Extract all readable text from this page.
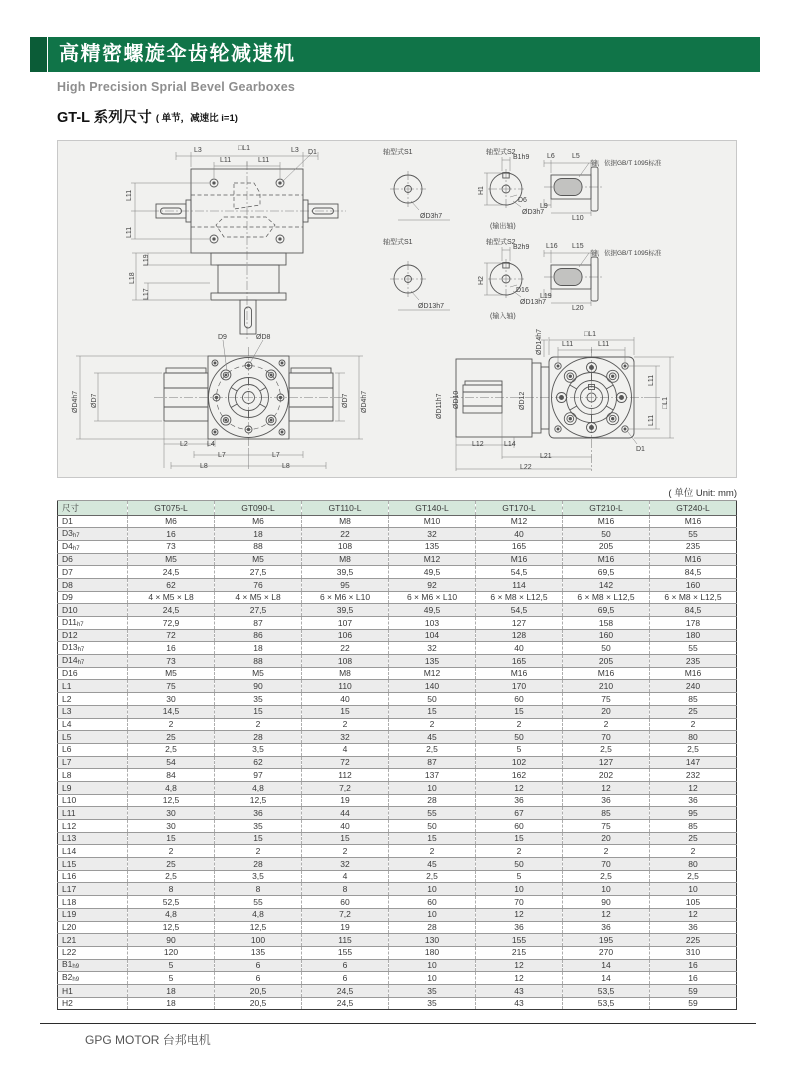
高精密螺旋伞齿轮减速机
High Precision Sprial Bevel Gearboxes
GT-L 系列尺寸 ( 单节，减速比 i=1)
L3	□L1	L3 D1
L11	L11
L11
L11
L19
L18
L17
轴型式S1
ØD3h7
轴型式S2
B1h9
H1
D6
ØD3h7
(输出轴)
L6 L5
L9
L10
键，依据GB/T 1095标准
轴型式S1
ØD13h7
轴型式S2
B2h9
H2
D16
ØD13h7
(输入轴)
L16 L15
L19
L20
键，依据GB/T 1095标准
D9	ØD8
ØD4h7 ØD7	ØD7 ØD4h7
L2	L4
L7	L7
L8	L8
ØD14h7	□L1
L11	L11
ØD11h7 ØD10	ØD12
L11
L11
□L1
D1
L12	L14
L21
L22
( 单位 Unit: mm)
尺寸	GT075-L	GT090-L	GT110-L	GT140-L	GT170-L	GT210-L	GT240-L
D1	M6	M6	M8	M10	M12	M16	M16
$D3_{h7}$	16	18	22	32	40	50	55
$D4_{h7}$	73	88	108	135	165	205	235
D6	M5	M5	M8	M12	M16	M16	M16
D7	24,5	27,5	39,5	49,5	54,5	69,5	84,5
D8	62	76	95	92	114	142	160
D9	4 × M5 × L8	4 × M5 × L8	6 × M6 × L10	6 × M6 × L10	6 × M8 × L12,5	6 × M8 × L12,5	6 × M8 × L12,5
D10	24,5	27,5	39,5	49,5	54,5	69,5	84,5
$D11_{h7}$	72,9	87	107	103	127	158	178
D12	72	86	106	104	128	160	180
$D13_{h7}$	16	18	22	32	40	50	55
$D14_{h7}$	73	88	108	135	165	205	235
D16	M5	M5	M8	M12	M16	M16	M16
L1	75	90	110	140	170	210	240
L2	30	35	40	50	60	75	85
L3	14,5	15	15	15	15	20	25
L4	2	2	2	2	2	2	2
L5	25	28	32	45	50	70	80
L6	2,5	3,5	4	2,5	5	2,5	2,5
L7	54	62	72	87	102	127	147
L8	84	97	112	137	162	202	232
L9	4,8	4,8	7,2	10	12	12	12
L10	12,5	12,5	19	28	36	36	36
L11	30	36	44	55	67	85	95
L12	30	35	40	50	60	75	85
L13	15	15	15	15	15	20	25
L14	2	2	2	2	2	2	2
L15	25	28	32	45	50	70	80
L16	2,5	3,5	4	2,5	5	2,5	2,5
L17	8	8	8	10	10	10	10
L18	52,5	55	60	60	70	90	105
L19	4,8	4,8	7,2	10	12	12	12
L20	12,5	12,5	19	28	36	36	36
L21	90	100	115	130	155	195	225
L22	120	135	155	180	215	270	310
$B1_{h9}$	5	6	6	10	12	14	16
$B2_{h9}$	5	6	6	10	12	14	16
H1	18	20,5	24,5	35	43	53,5	59
H2	18	20,5	24,5	35	43	53,5	59
GPG MOTOR 台邦电机
